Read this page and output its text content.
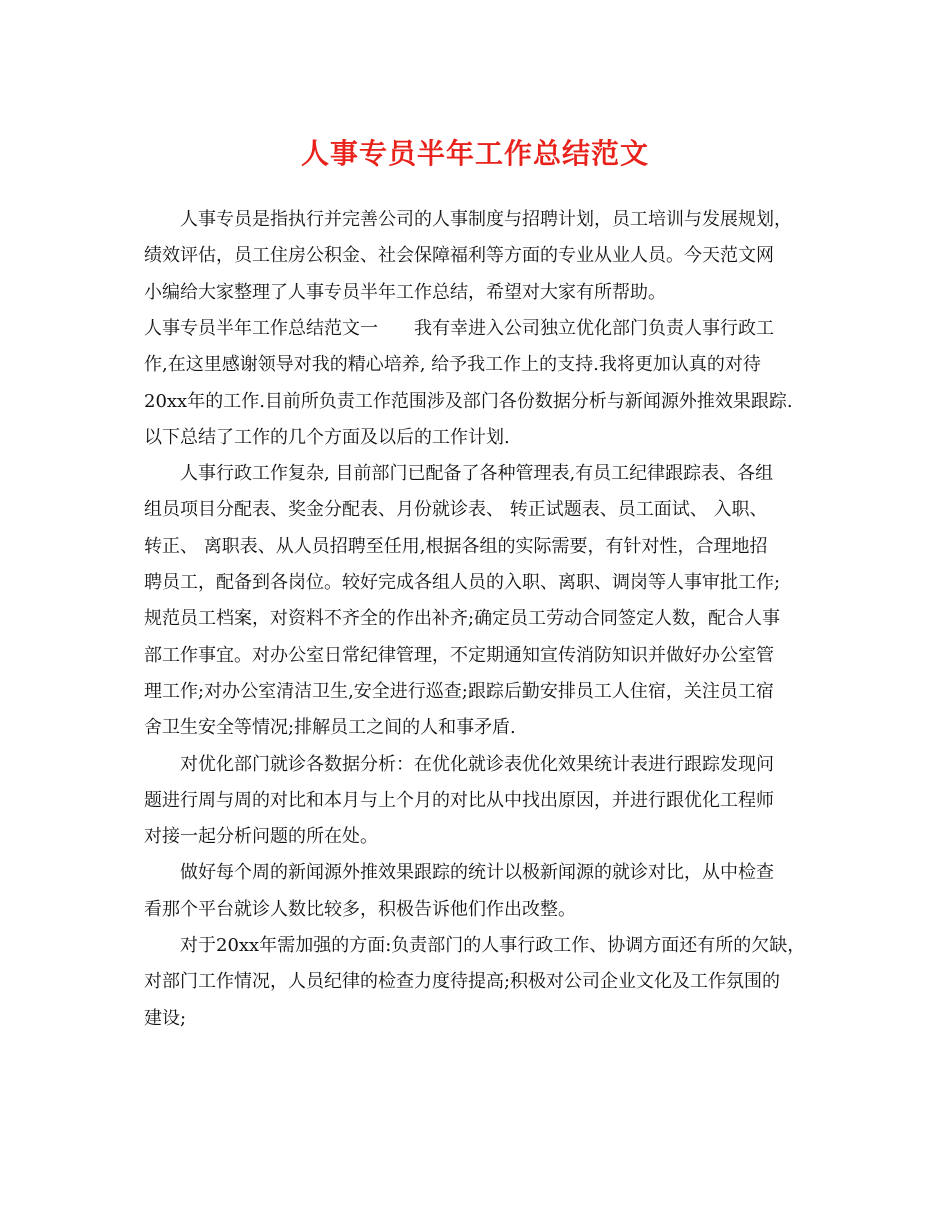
人事专员半年工作总结范文

人事专员是指执行并完善公司的人事制度与招聘计划，员工培训与发展规划，

绩效评估，员工住房公积金、社会保障福利等方面的专业从业人员。今天范文网

小编给大家整理了人事专员半年工作总结，希望对大家有所帮助。

人事专员半年工作总结范文一　　我有幸进入公司独立优化部门负责人事行政工

作,在这里感谢领导对我的精心培养, 给予我工作上的支持.我将更加认真的对待

20xx年的工作.目前所负责工作范围涉及部门各份数据分析与新闻源外推效果跟踪.

以下总结了工作的几个方面及以后的工作计划.

人事行政工作复杂, 目前部门已配备了各种管理表,有员工纪律跟踪表、各组

组员项目分配表、奖金分配表、月份就诊表、 转正试题表、员工面试、 入职、

转正、 离职表、从人员招聘至任用,根据各组的实际需要，有针对性，合理地招

聘员工，配备到各岗位。较好完成各组人员的入职、离职、调岗等人事审批工作;

规范员工档案，对资料不齐全的作出补齐;确定员工劳动合同签定人数，配合人事

部工作事宜。对办公室日常纪律管理，不定期通知宣传消防知识并做好办公室管

理工作;对办公室清洁卫生,安全进行巡查;跟踪后勤安排员工人住宿，关注员工宿

舍卫生安全等情况;排解员工之间的人和事矛盾.

对优化部门就诊各数据分析：在优化就诊表优化效果统计表进行跟踪发现问

题进行周与周的对比和本月与上个月的对比从中找出原因，并进行跟优化工程师

对接一起分析问题的所在处。

做好每个周的新闻源外推效果跟踪的统计以极新闻源的就诊对比，从中检查

看那个平台就诊人数比较多，积极告诉他们作出改整。

对于20xx年需加强的方面:负责部门的人事行政工作、协调方面还有所的欠缺，

对部门工作情况，人员纪律的检查力度待提高;积极对公司企业文化及工作氛围的

建设;
